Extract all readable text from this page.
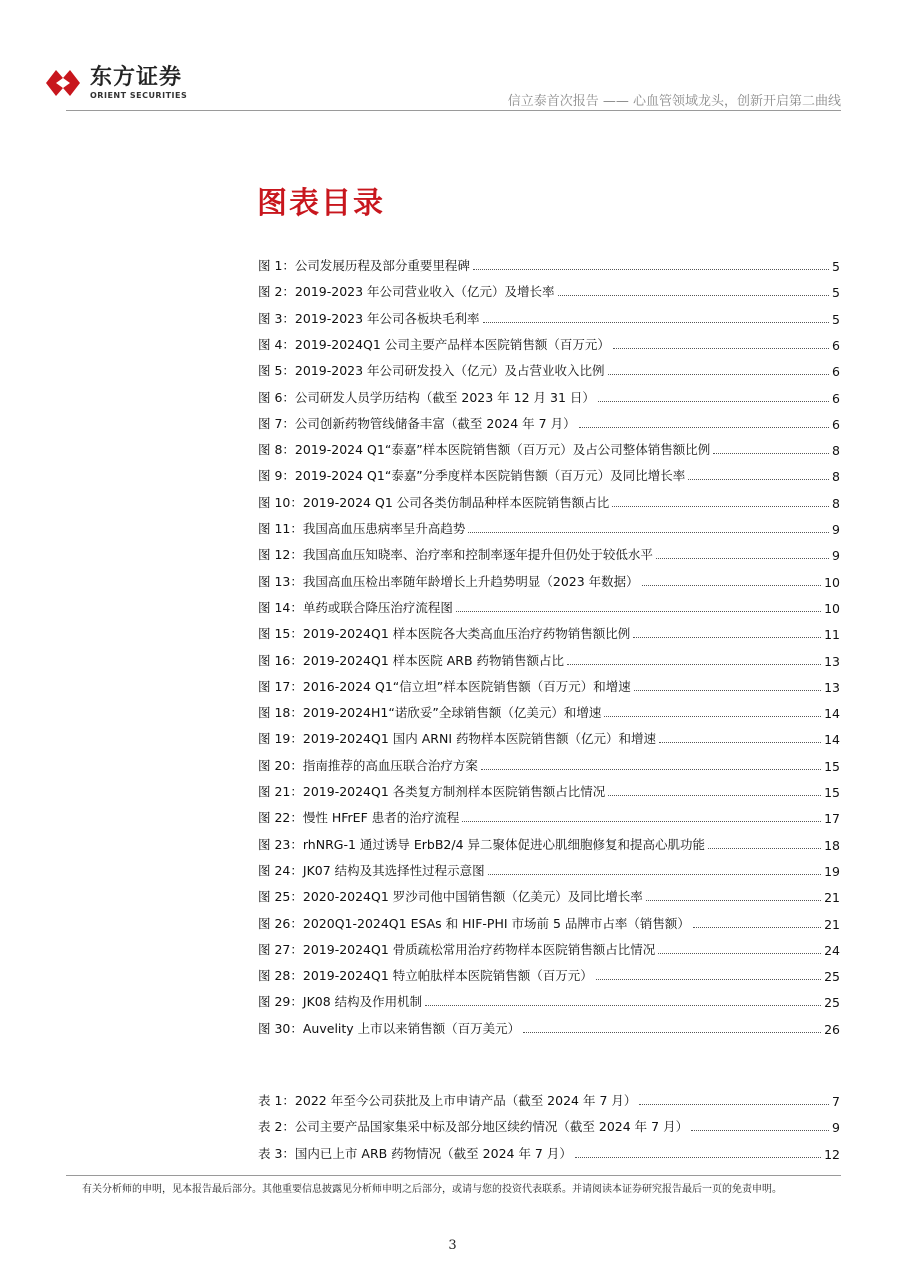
东方证券
ORIENT SECURITIES	信立泰首次报告 —— 心血管领域龙头，创新开启第二曲线
图表目录
图 1：公司发展历程及部分重要里程碑	5
图 2：2019-2023 年公司营业收入（亿元）及增长率	5
图 3：2019-2023 年公司各板块毛利率	5
图 4：2019-2024Q1 公司主要产品样本医院销售额（百万元）	6
图 5：2019-2023 年公司研发投入（亿元）及占营业收入比例	6
图 6：公司研发人员学历结构（截至 2023 年 12 月 31 日）	6
图 7：公司创新药物管线储备丰富（截至 2024 年 7 月）	6
图 8：2019-2024 Q1“泰嘉”样本医院销售额（百万元）及占公司整体销售额比例	8
图 9：2019-2024 Q1“泰嘉”分季度样本医院销售额（百万元）及同比增长率	8
图 10：2019-2024 Q1 公司各类仿制品种样本医院销售额占比	8
图 11：我国高血压患病率呈升高趋势	9
图 12：我国高血压知晓率、治疗率和控制率逐年提升但仍处于较低水平	9
图 13：我国高血压检出率随年龄增长上升趋势明显（2023 年数据）	10
图 14：单药或联合降压治疗流程图	10
图 15：2019-2024Q1 样本医院各大类高血压治疗药物销售额比例	11
图 16：2019-2024Q1 样本医院 ARB 药物销售额占比	13
图 17：2016-2024 Q1“信立坦”样本医院销售额（百万元）和增速	13
图 18：2019-2024H1“诺欣妥”全球销售额（亿美元）和增速	14
图 19：2019-2024Q1 国内 ARNI 药物样本医院销售额（亿元）和增速	14
图 20：指南推荐的高血压联合治疗方案	15
图 21：2019-2024Q1 各类复方制剂样本医院销售额占比情况	15
图 22：慢性 HFrEF 患者的治疗流程	17
图 23：rhNRG-1 通过诱导 ErbB2/4 异二聚体促进心肌细胞修复和提高心肌功能	18
图 24：JK07 结构及其选择性过程示意图	19
图 25：2020-2024Q1 罗沙司他中国销售额（亿美元）及同比增长率	21
图 26：2020Q1-2024Q1 ESAs 和 HIF-PHI 市场前 5 品牌市占率（销售额）	21
图 27：2019-2024Q1 骨质疏松常用治疗药物样本医院销售额占比情况	24
图 28：2019-2024Q1 特立帕肽样本医院销售额（百万元）	25
图 29：JK08 结构及作用机制	25
图 30：Auvelity 上市以来销售额（百万美元）	26
表 1：2022 年至今公司获批及上市申请产品（截至 2024 年 7 月）	7
表 2：公司主要产品国家集采中标及部分地区续约情况（截至 2024 年 7 月）	9
表 3：国内已上市 ARB 药物情况（截至 2024 年 7 月）	12
有关分析师的申明，见本报告最后部分。其他重要信息披露见分析师申明之后部分，或请与您的投资代表联系。并请阅读本证券研究报告最后一页的免责申明。
3
